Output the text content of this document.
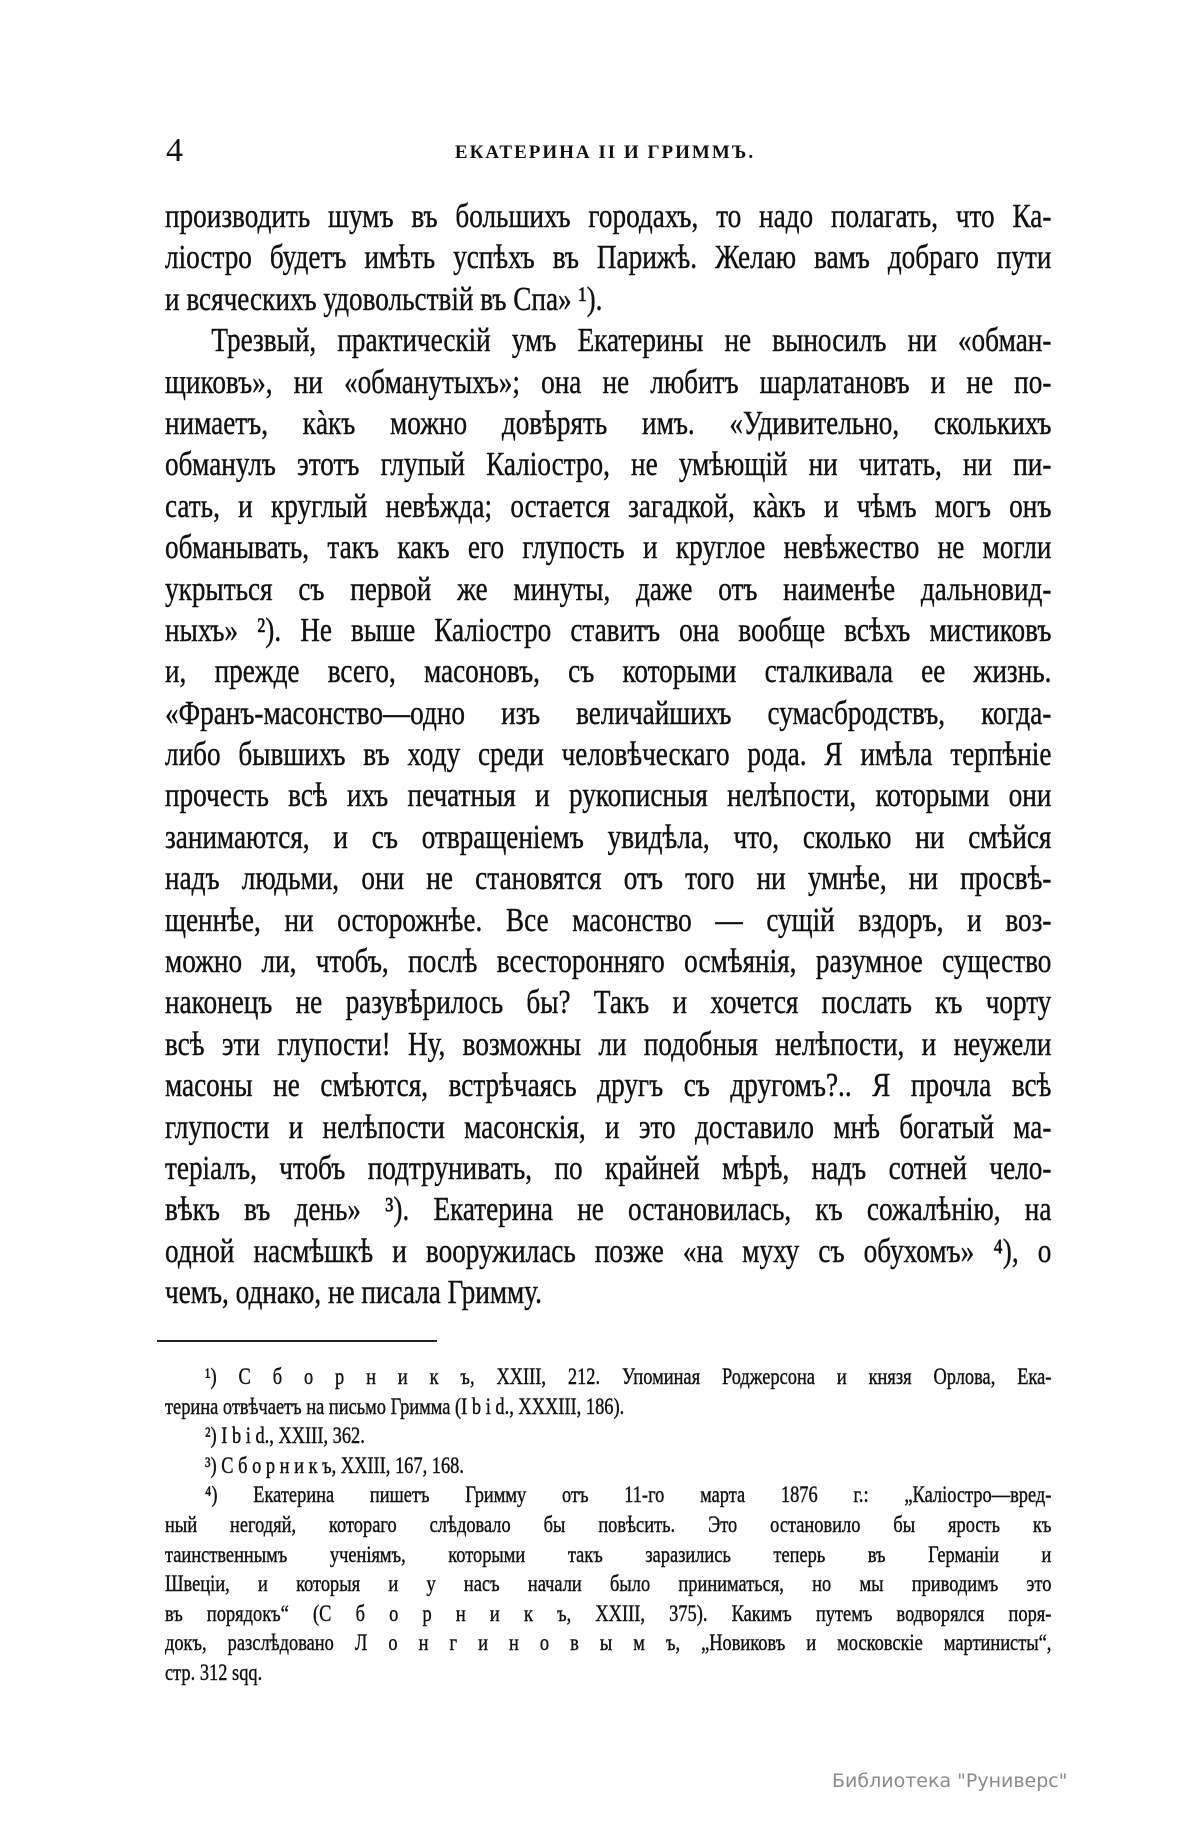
4	ЕКАТЕРИНА II И ГРИММЪ.
производить шумъ въ большихъ городахъ, то надо полагать, что Ка-
ліостро будетъ имѣть успѣхъ въ Парижѣ. Желаю вамъ добраго пути
и всяческихъ удовольствій въ Спа» ¹).
Трезвый, практическій умъ Екатерины не выносилъ ни «обман-
щиковъ», ни «обманутыхъ»; она не любитъ шарлатановъ и не по-
нимаетъ, кàкъ можно довѣрять имъ. «Удивительно, сколькихъ
обманулъ этотъ глупый Каліостро, не умѣющій ни читать, ни пи-
сать, и круглый невѣжда; остается загадкой, кàкъ и чѣмъ могъ онъ
обманывать, такъ какъ его глупость и круглое невѣжество не могли
укрыться съ первой же минуты, даже отъ наименѣе дальновид-
ныхъ» ²). Не выше Каліостро ставитъ она вообще всѣхъ мистиковъ
и, прежде всего, масоновъ, съ которыми сталкивала ее жизнь.
«Франъ-масонство—одно изъ величайшихъ сумасбродствъ, когда-
либо бывшихъ въ ходу среди человѣческаго рода. Я имѣла терпѣніе
прочесть всѣ ихъ печатныя и рукописныя нелѣпости, которыми они
занимаются, и съ отвращеніемъ увидѣла, что, сколько ни смѣйся
надъ людьми, они не становятся отъ того ни умнѣе, ни просвѣ-
щеннѣе, ни осторожнѣе. Все масонство — сущій вздоръ, и воз-
можно ли, чтобъ, послѣ всесторонняго осмѣянія, разумное существо
наконецъ не разувѣрилось бы? Такъ и хочется послать къ чорту
всѣ эти глупости! Ну, возможны ли подобныя нелѣпости, и неужели
масоны не смѣются, встрѣчаясь другъ съ другомъ?.. Я прочла всѣ
глупости и нелѣпости масонскія, и это доставило мнѣ богатый ма-
теріалъ, чтобъ подтрунивать, по крайней мѣрѣ, надъ сотней чело-
вѣкъ въ день» ³). Екатерина не остановилась, къ сожалѣнію, на
одной насмѣшкѣ и вооружилась позже «на муху съ обухомъ» ⁴), о
чемъ, однако, не писала Гримму.
¹) С б о р н и к ъ, XXIII, 212. Упоминая Роджерсона и князя Орлова, Ека-
терина отвѣчаетъ на письмо Гримма (I b i d., XXXIII, 186).
²) I b i d., XXIII, 362.
³) С б о р н и к ъ, XXIII, 167, 168.
⁴) Екатерина пишетъ Гримму отъ 11-го марта 1876 г.: „Каліостро—вред-
ный негодяй, котораго слѣдовало бы повѣсить. Это остановило бы ярость къ
таинственнымъ ученіямъ, которыми такъ заразились теперь въ Германіи и
Швеціи, и которыя и у насъ начали было приниматься, но мы приводимъ это
въ порядокъ“ (С б о р н и к ъ, XXIII, 375). Какимъ путемъ водворялся поря-
докъ, разслѣдовано Л о н г и н о в ы м ъ, „Новиковъ и московскіе мартинисты“,
стр. 312 sqq.
Библиотека "Руниверс"
